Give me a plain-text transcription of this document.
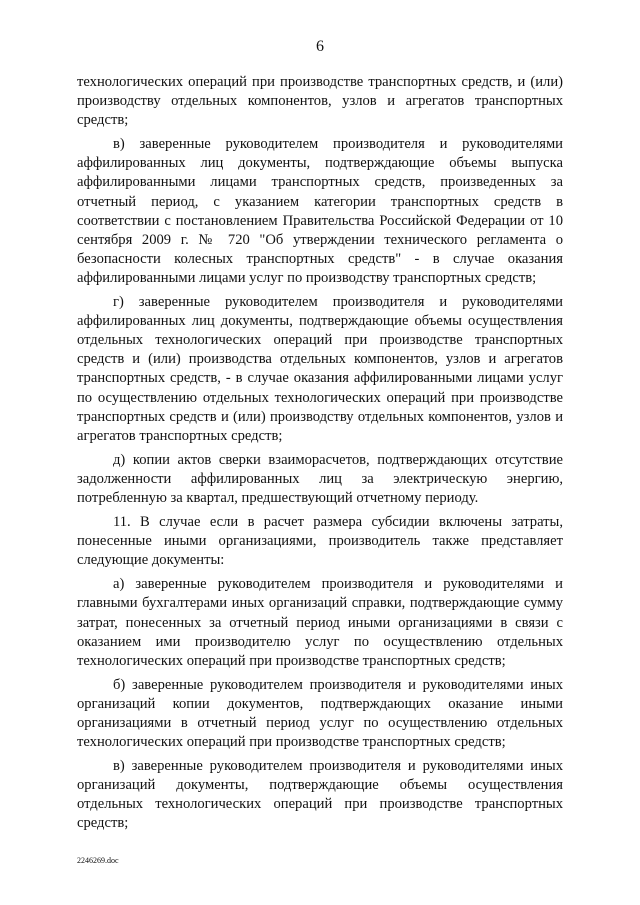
6

технологических операций при производстве транспортных средств, и (или) производству отдельных компонентов, узлов и агрегатов транспортных средств;

в) заверенные руководителем производителя и руководителями аффилированных лиц документы, подтверждающие объемы выпуска аффилированными лицами транспортных средств, произведенных за отчетный период, с указанием категории транспортных средств в соответствии с постановлением Правительства Российской Федерации от 10 сентября 2009 г. № 720 "Об утверждении технического регламента о безопасности колесных транспортных средств" - в случае оказания аффилированными лицами услуг по производству транспортных средств;

г) заверенные руководителем производителя и руководителями аффилированных лиц документы, подтверждающие объемы осуществления отдельных технологических операций при производстве транспортных средств и (или) производства отдельных компонентов, узлов и агрегатов транспортных средств, - в случае оказания аффилированными лицами услуг по осуществлению отдельных технологических операций при производстве транспортных средств и (или) производству отдельных компонентов, узлов и агрегатов транспортных средств;

д) копии актов сверки взаиморасчетов, подтверждающих отсутствие задолженности аффилированных лиц за электрическую энергию, потребленную за квартал, предшествующий отчетному периоду.

11. В случае если в расчет размера субсидии включены затраты, понесенные иными организациями, производитель также представляет следующие документы:

а) заверенные руководителем производителя и руководителями и главными бухгалтерами иных организаций справки, подтверждающие сумму затрат, понесенных за отчетный период иными организациями в связи с оказанием ими производителю услуг по осуществлению отдельных технологических операций при производстве транспортных средств;

б) заверенные руководителем производителя и руководителями иных организаций копии документов, подтверждающих оказание иными организациями в отчетный период услуг по осуществлению отдельных технологических операций при производстве транспортных средств;

в) заверенные руководителем производителя и руководителями иных организаций документы, подтверждающие объемы осуществления отдельных технологических операций при производстве транспортных средств;

2246269.doc
